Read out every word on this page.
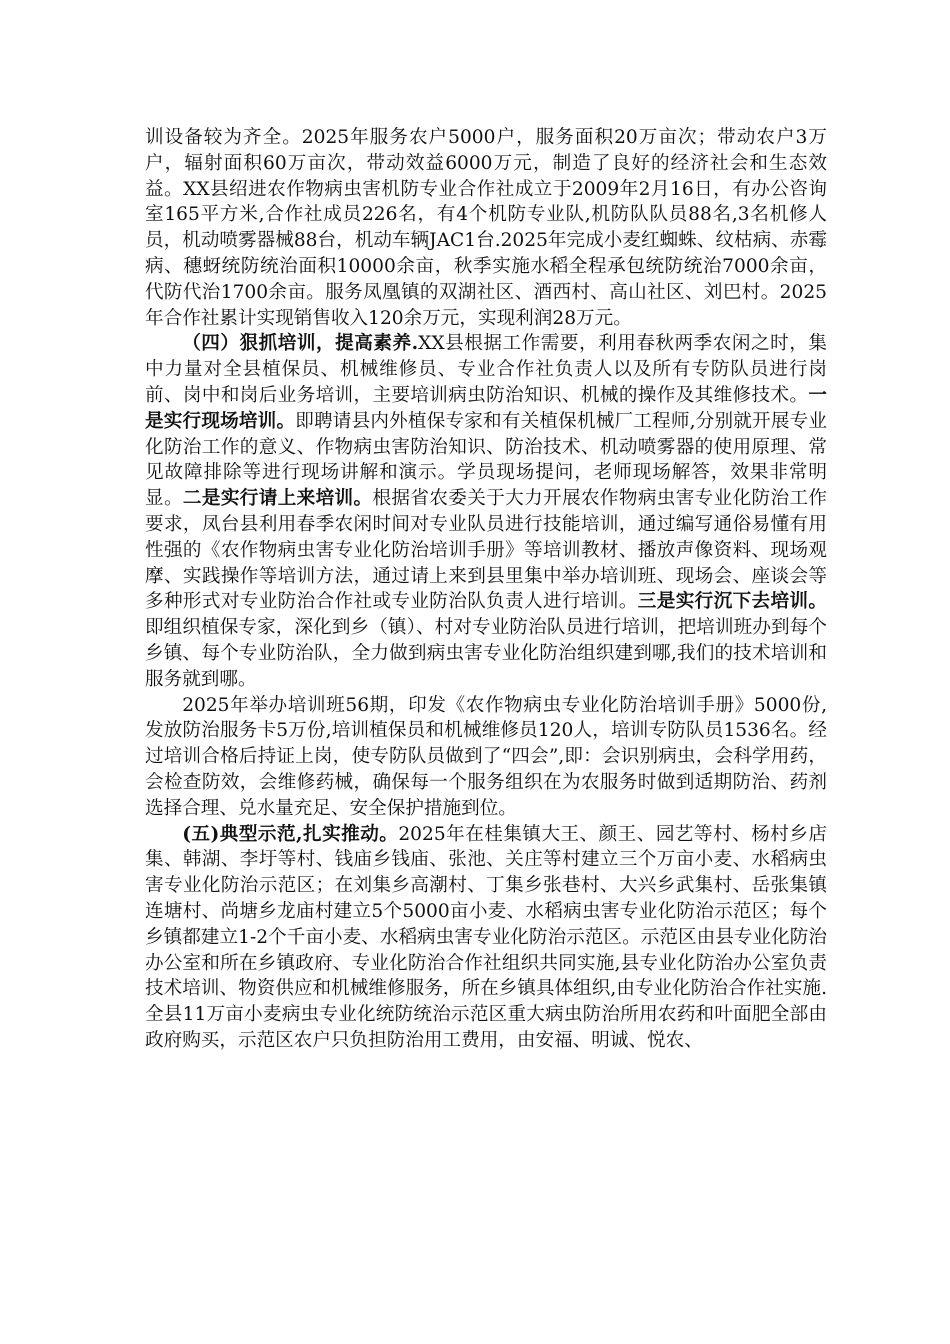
训设备较为齐全。2025年服务农户5000户，服务面积20万亩次；带动农户3万户，辐射面积60万亩次，带动效益6000万元，制造了良好的经济社会和生态效益。XX县绍进农作物病虫害机防专业合作社成立于2009年2月16日，有办公咨询室165平方米,合作社成员226名，有4个机防专业队,机防队队员88名,3名机修人员，机动喷雾器械88台，机动车辆JAC1台.2025年完成小麦红蜘蛛、纹枯病、赤霉病、穗蚜统防统治面积10000余亩，秋季实施水稻全程承包统防统治7000余亩，代防代治1700余亩。服务凤凰镇的双湖社区、酒西村、高山社区、刘巴村。2025年合作社累计实现销售收入120余万元，实现利润28万元。

（四）狠抓培训，提高素养.XX县根据工作需要，利用春秋两季农闲之时，集中力量对全县植保员、机械维修员、专业合作社负责人以及所有专防队员进行岗前、岗中和岗后业务培训，主要培训病虫防治知识、机械的操作及其维修技术。一是实行现场培训。即聘请县内外植保专家和有关植保机械厂工程师,分别就开展专业化防治工作的意义、作物病虫害防治知识、防治技术、机动喷雾器的使用原理、常见故障排除等进行现场讲解和演示。学员现场提问，老师现场解答，效果非常明显。二是实行请上来培训。根据省农委关于大力开展农作物病虫害专业化防治工作要求，凤台县利用春季农闲时间对专业队员进行技能培训，通过编写通俗易懂有用性强的《农作物病虫害专业化防治培训手册》等培训教材、播放声像资料、现场观摩、实践操作等培训方法，通过请上来到县里集中举办培训班、现场会、座谈会等多种形式对专业防治合作社或专业防治队负责人进行培训。三是实行沉下去培训。即组织植保专家，深化到乡（镇）、村对专业防治队员进行培训，把培训班办到每个乡镇、每个专业防治队，全力做到病虫害专业化防治组织建到哪,我们的技术培训和服务就到哪。

2025年举办培训班56期，印发《农作物病虫专业化防治培训手册》5000份,发放防治服务卡5万份,培训植保员和机械维修员120人，培训专防队员1536名。经过培训合格后持证上岗，使专防队员做到了“四会”,即：会识别病虫，会科学用药，会检查防效，会维修药械，确保每一个服务组织在为农服务时做到适期防治、药剂选择合理、兑水量充足、安全保护措施到位。

(五)典型示范,扎实推动。2025年在桂集镇大王、颜王、园艺等村、杨村乡店集、韩湖、李圩等村、钱庙乡钱庙、张池、关庄等村建立三个万亩小麦、水稻病虫害专业化防治示范区；在刘集乡高潮村、丁集乡张巷村、大兴乡武集村、岳张集镇连塘村、尚塘乡龙庙村建立5个5000亩小麦、水稻病虫害专业化防治示范区；每个乡镇都建立1-2个千亩小麦、水稻病虫害专业化防治示范区。示范区由县专业化防治办公室和所在乡镇政府、专业化防治合作社组织共同实施,县专业化防治办公室负责技术培训、物资供应和机械维修服务，所在乡镇具体组织,由专业化防治合作社实施.全县11万亩小麦病虫专业化统防统治示范区重大病虫防治所用农药和叶面肥全部由政府购买，示范区农户只负担防治用工费用，由安福、明诚、悦农、
